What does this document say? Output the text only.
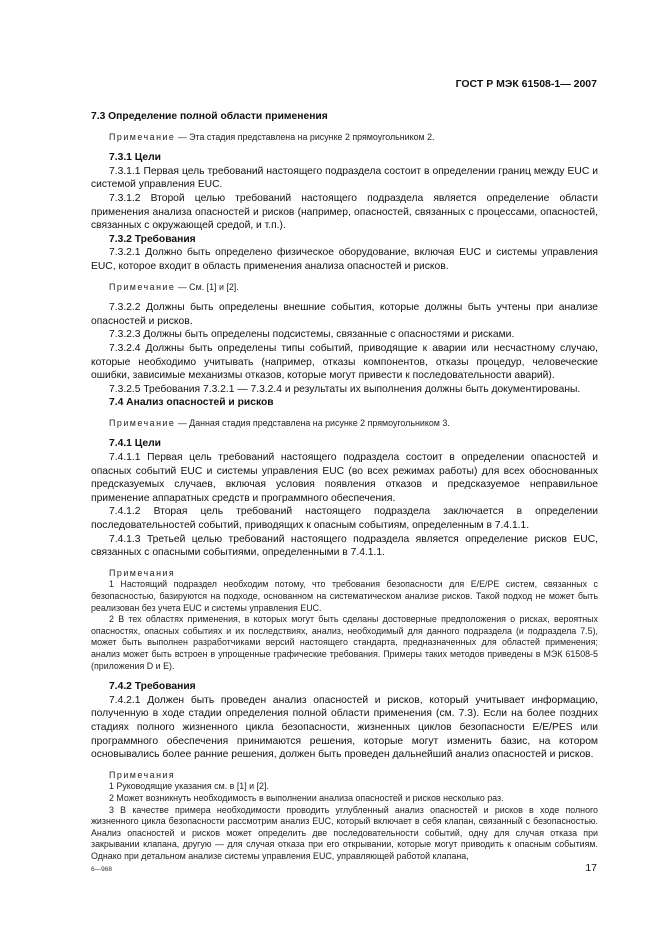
ГОСТ Р МЭК 61508-1— 2007

7.3 Определение полной области применения

Примечание — Эта стадия представлена на рисунке 2 прямоугольником 2.

7.3.1 Цели

7.3.1.1 Первая цель требований настоящего подраздела состоит в определении границ между EUC и системой управления EUC.

7.3.1.2 Второй целью требований настоящего подраздела является определение области применения анализа опасностей и рисков (например, опасностей, связанных с процессами, опасностей, связанных с окружающей средой, и т.п.).

7.3.2 Требования

7.3.2.1 Должно быть определено физическое оборудование, включая EUC и системы управления EUC, которое входит в область применения анализа опасностей и рисков.

Примечание — См. [1] и [2].

7.3.2.2 Должны быть определены внешние события, которые должны быть учтены при анализе опасностей и рисков.

7.3.2.3 Должны быть определены подсистемы, связанные с опасностями и рисками.

7.3.2.4 Должны быть определены типы событий, приводящие к аварии или несчастному случаю, которые необходимо учитывать (например, отказы компонентов, отказы процедур, человеческие ошибки, зависимые механизмы отказов, которые могут привести к последовательности аварий).

7.3.2.5 Требования 7.3.2.1 — 7.3.2.4 и результаты их выполнения должны быть документированы.

7.4 Анализ опасностей и рисков

Примечание — Данная стадия представлена на рисунке 2 прямоугольником 3.

7.4.1 Цели

7.4.1.1 Первая цель требований настоящего подраздела состоит в определении опасностей и опасных событий EUC и системы управления EUC (во всех режимах работы) для всех обоснованных предсказуемых случаев, включая условия появления отказов и предсказуемое неправильное применение аппаратных средств и программного обеспечения.

7.4.1.2 Вторая цель требований настоящего подраздела заключается в определении последовательностей событий, приводящих к опасным событиям, определенным в 7.4.1.1.

7.4.1.3 Третьей целью требований настоящего подраздела является определение рисков EUC, связанных с опасными событиями, определенными в 7.4.1.1.

Примечания

1 Настоящий подраздел необходим потому, что требования безопасности для E/E/PE систем, связанных с безопасностью, базируются на подходе, основанном на систематическом анализе рисков. Такой подход не может быть реализован без учета EUC и системы управления EUC.

2 В тех областях применения, в которых могут быть сделаны достоверные предположения о рисках, вероятных опасностях, опасных событиях и их последствиях, анализ, необходимый для данного подраздела (и подраздела 7.5), может быть выполнен разработчиками версий настоящего стандарта, предназначенных для областей применения; анализ может быть встроен в упрощенные графические требования. Примеры таких методов приведены в МЭК 61508-5 (приложения D и E).

7.4.2 Требования

7.4.2.1 Должен быть проведен анализ опасностей и рисков, который учитывает информацию, полученную в ходе стадии определения полной области применения (см. 7.3). Если на более поздних стадиях полного жизненного цикла безопасности, жизненных циклов безопасности E/E/PES или программного обеспечения принимаются решения, которые могут изменить базис, на котором основывались более ранние решения, должен быть проведен дальнейший анализ опасностей и рисков.

Примечания

1 Руководящие указания см. в [1] и [2].

2 Может возникнуть необходимость в выполнении анализа опасностей и рисков несколько раз.

3 В качестве примера необходимости проводить углубленный анализ опасностей и рисков в ходе полного жизненного цикла безопасности рассмотрим анализ EUC, который включает в себя клапан, связанный с безопасностью. Анализ опасностей и рисков может определить две последовательности событий, одну для случая отказа при закрывании клапана, другую — для случая отказа при его открывании, которые могут приводить к опасным событиям. Однако при детальном анализе системы управления EUC, управляющей работой клапана,

6—968	17
